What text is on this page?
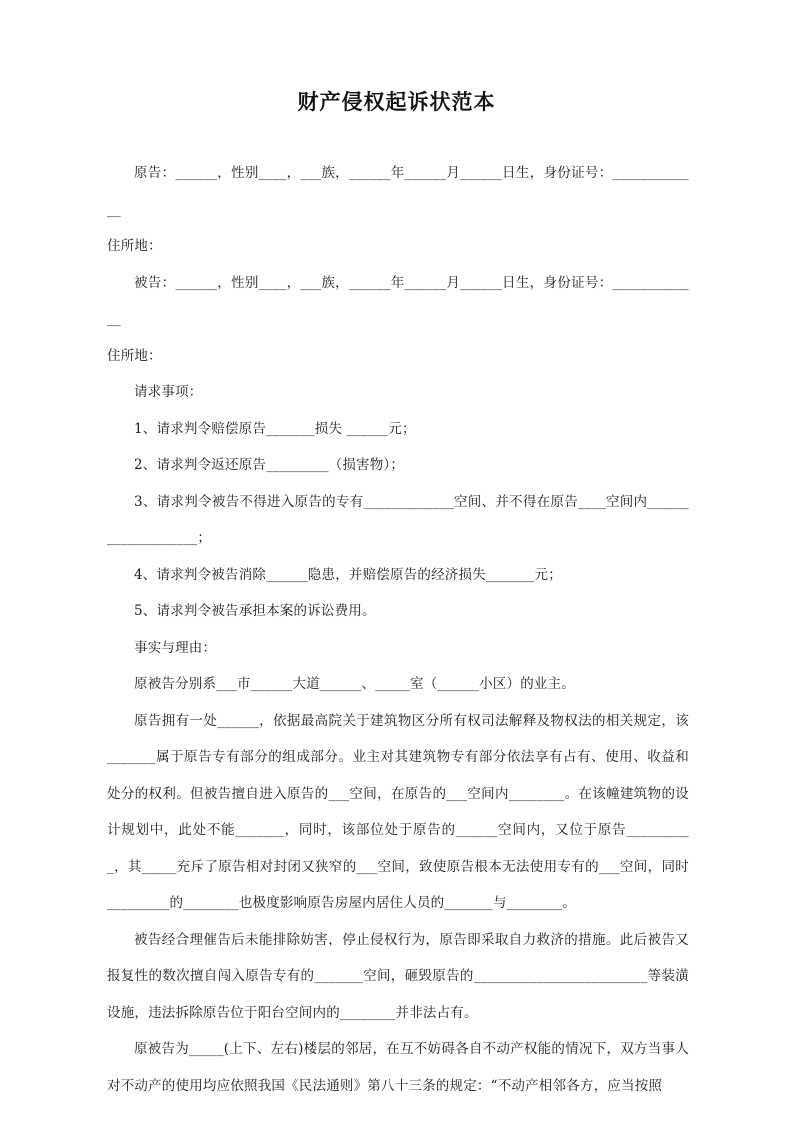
财产侵权起诉状范本

原告：______，性别____，___族，______年______月______日生，身份证号：_____________

住所地：

被告：______，性别____，___族，______年______月______日生，身份证号：_____________

住所地：

请求事项：

1、请求判令赔偿原告_______损失 ______元；

2、请求判令返还原告_________（损害物）；

3、请求判令被告不得进入原告的专有_____________空间、并不得在原告____空间内___________________；

4、请求判令被告消除______隐患，并赔偿原告的经济损失_______元；

5、请求判令被告承担本案的诉讼费用。

事实与理由：

原被告分别系___市______大道______、_____室（______小区）的业主。

原告拥有一处______，依据最高院关于建筑物区分所有权司法解释及物权法的相关规定，该_______属于原告专有部分的组成部分。业主对其建筑物专有部分依法享有占有、使用、收益和处分的权利。但被告擅自进入原告的___空间，在原告的___空间内________。在该幢建筑物的设计规划中，此处不能_______，同时，该部位处于原告的______空间内，又位于原告__________，其_____充斥了原告相对封闭又狭窄的___空间，致使原告根本无法使用专有的___空间，同时_________的________也极度影响原告房屋内居住人员的_______与________。

被告经合理催告后未能排除妨害，停止侵权行为，原告即采取自力救济的措施。此后被告又报复性的数次擅自闯入原告专有的_______空间，砸毁原告的_________________________等装潢设施，违法拆除原告位于阳台空间内的________并非法占有。

原被告为_____(上下、左右)楼层的邻居，在互不妨碍各自不动产权能的情况下，双方当事人对不动产的使用均应依照我国《民法通则》第八十三条的规定：“不动产相邻各方，应当按照
